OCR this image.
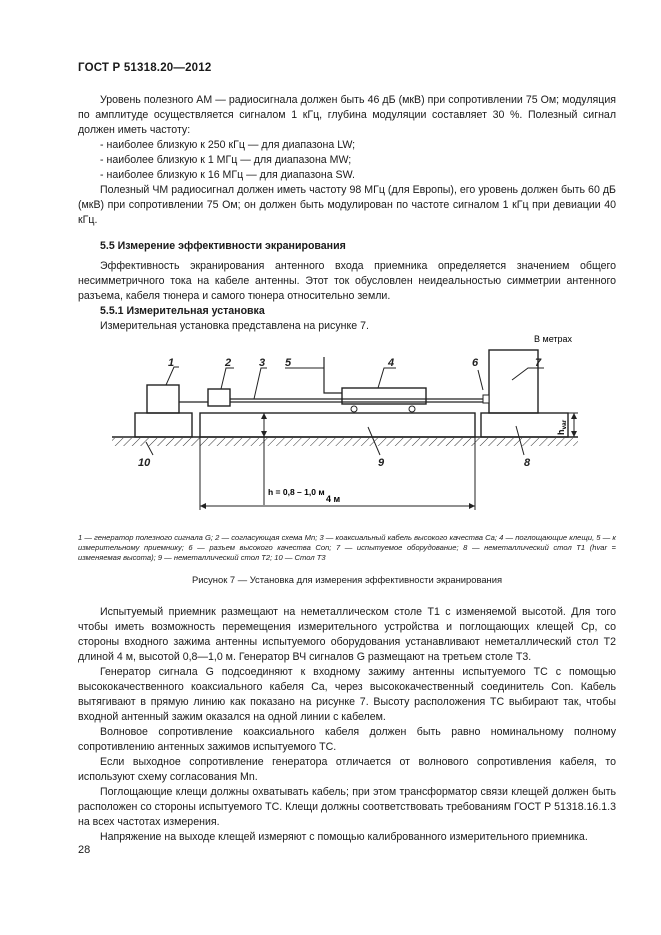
ГОСТ Р 51318.20—2012

Уровень полезного АМ — радиосигнала должен быть 46 дБ (мкВ) при сопротивлении 75 Ом; модуляция по амплитуде осуществляется сигналом 1 кГц, глубина модуляции составляет 30 %. Полезный сигнал должен иметь частоту:

- наиболее близкую к 250 кГц — для диапазона LW;

- наиболее близкую к 1 МГц — для диапазона MW;

- наиболее близкую к 16 МГц — для диапазона SW.

Полезный ЧМ радиосигнал должен иметь частоту 98 МГц (для Европы), его уровень должен быть 60 дБ (мкВ) при сопротивлении 75 Ом; он должен быть модулирован по частоте сигналом 1 кГц при девиации 40 кГц.

5.5 Измерение эффективности экранирования

Эффективность экранирования антенного входа приемника определяется значением общего несимметричного тока на кабеле антенны. Этот ток обусловлен неидеальностью симметрии антенного разъема, кабеля тюнера и самого тюнера относительно земли.

5.5.1 Измерительная установка

Измерительная установка представлена на рисунке 7.

В метрах
1	2	3 5	4	6	7
10	9	8
h = 0,8 – 1,0 м
4 м
$h_{var}$
1 — генератор полезного сигнала G; 2 — согласующая схема Mn; 3 — коаксиальный кабель высокого качества Ca; 4 — поглощающие клещи, 5 — к измерительному приемнику; 6 — разъем высокого качества Con; 7 — испытуемое оборудование; 8 — неметаллический стол T1 (hvar = изменяемая высота); 9 — неметаллический стол T2; 10 — Стол T3
Рисунок 7 — Установка для измерения эффективности экранирования

Испытуемый приемник размещают на неметаллическом столе T1 с изменяемой высотой. Для того чтобы иметь возможность перемещения измерительного устройства и поглощающих клещей Cp, со стороны входного зажима антенны испытуемого оборудования устанавливают неметаллический стол T2 длиной 4 м, высотой 0,8—1,0 м. Генератор ВЧ сигналов G размещают на третьем столе T3.

Генератор сигнала G подсоединяют к входному зажиму антенны испытуемого ТС с помощью высококачественного коаксиального кабеля Ca, через высококачественный соединитель Con. Кабель вытягивают в прямую линию как показано на рисунке 7. Высоту расположения ТС выбирают так, чтобы входной антенный зажим оказался на одной линии с кабелем.

Волновое сопротивление коаксиального кабеля должен быть равно номинальному полному сопротивлению антенных зажимов испытуемого ТС.

Если выходное сопротивление генератора отличается от волнового сопротивления кабеля, то используют схему согласования Mn.

Поглощающие клещи должны охватывать кабель; при этом трансформатор связи клещей должен быть расположен со стороны испытуемого ТС. Клещи должны соответствовать требованиям ГОСТ Р 51318.16.1.3 на всех частотах измерения.

Напряжение на выходе клещей измеряют с помощью калиброванного измерительного приемника.

28
